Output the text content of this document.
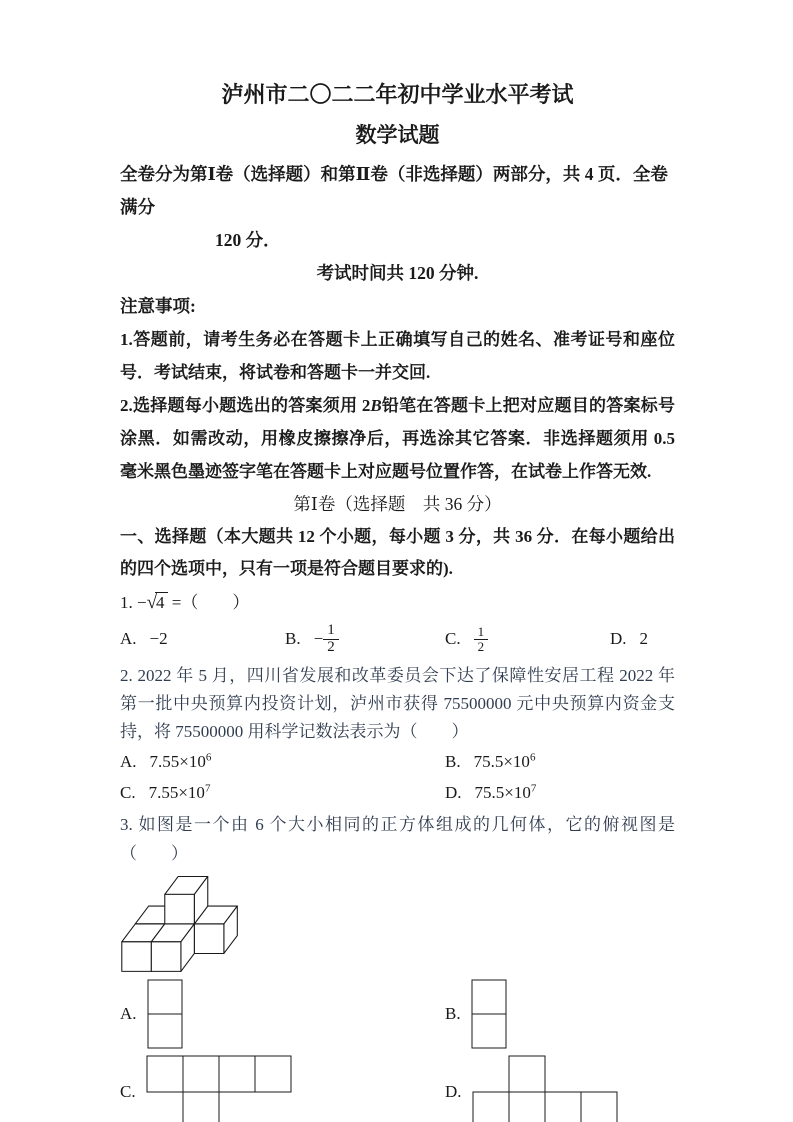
泸州市二〇二二年初中学业水平考试
数学试题

全卷分为第Ⅰ卷（选择题）和第Ⅱ卷（非选择题）两部分，共 4 页．全卷满分

120 分．

考试时间共 120 分钟.

注意事项:

1.答题前，请考生务必在答题卡上正确填写自己的姓名、准考证号和座位号．考试结束，将试卷和答题卡一并交回.

2.选择题每小题选出的答案须用 2B铅笔在答题卡上把对应题目的答案标号涂黑．如需改动，用橡皮擦擦净后，再选涂其它答案．非选择题须用 0.5 毫米黑色墨迹签字笔在答题卡上对应题号位置作答，在试卷上作答无效.

第Ⅰ卷（选择题　共 36 分）

一、选择题（本大题共 12 个小题，每小题 3 分，共 36 分．在每小题给出的四个选项中，只有一项是符合题目要求的).

1. −√4 =（　　）
A. −2	B. − $\frac{1}{2}$	C. $\frac{1}{2}$	D. 2

2. 2022 年 5 月，四川省发展和改革委员会下达了保障性安居工程 2022 年第一批中央预算内投资计划，泸州市获得 75500000 元中央预算内资金支持，将 75500000 用科学记数法表示为（　　）

A. $7.55\times 10^6$	B. $75.5\times 10^6$
C. $7.55\times 10^7$	D. $75.5\times 10^7$

3. 如图是一个由 6 个大小相同的正方体组成的几何体，它的俯视图是（　　）

A.	B.
C.	D.
